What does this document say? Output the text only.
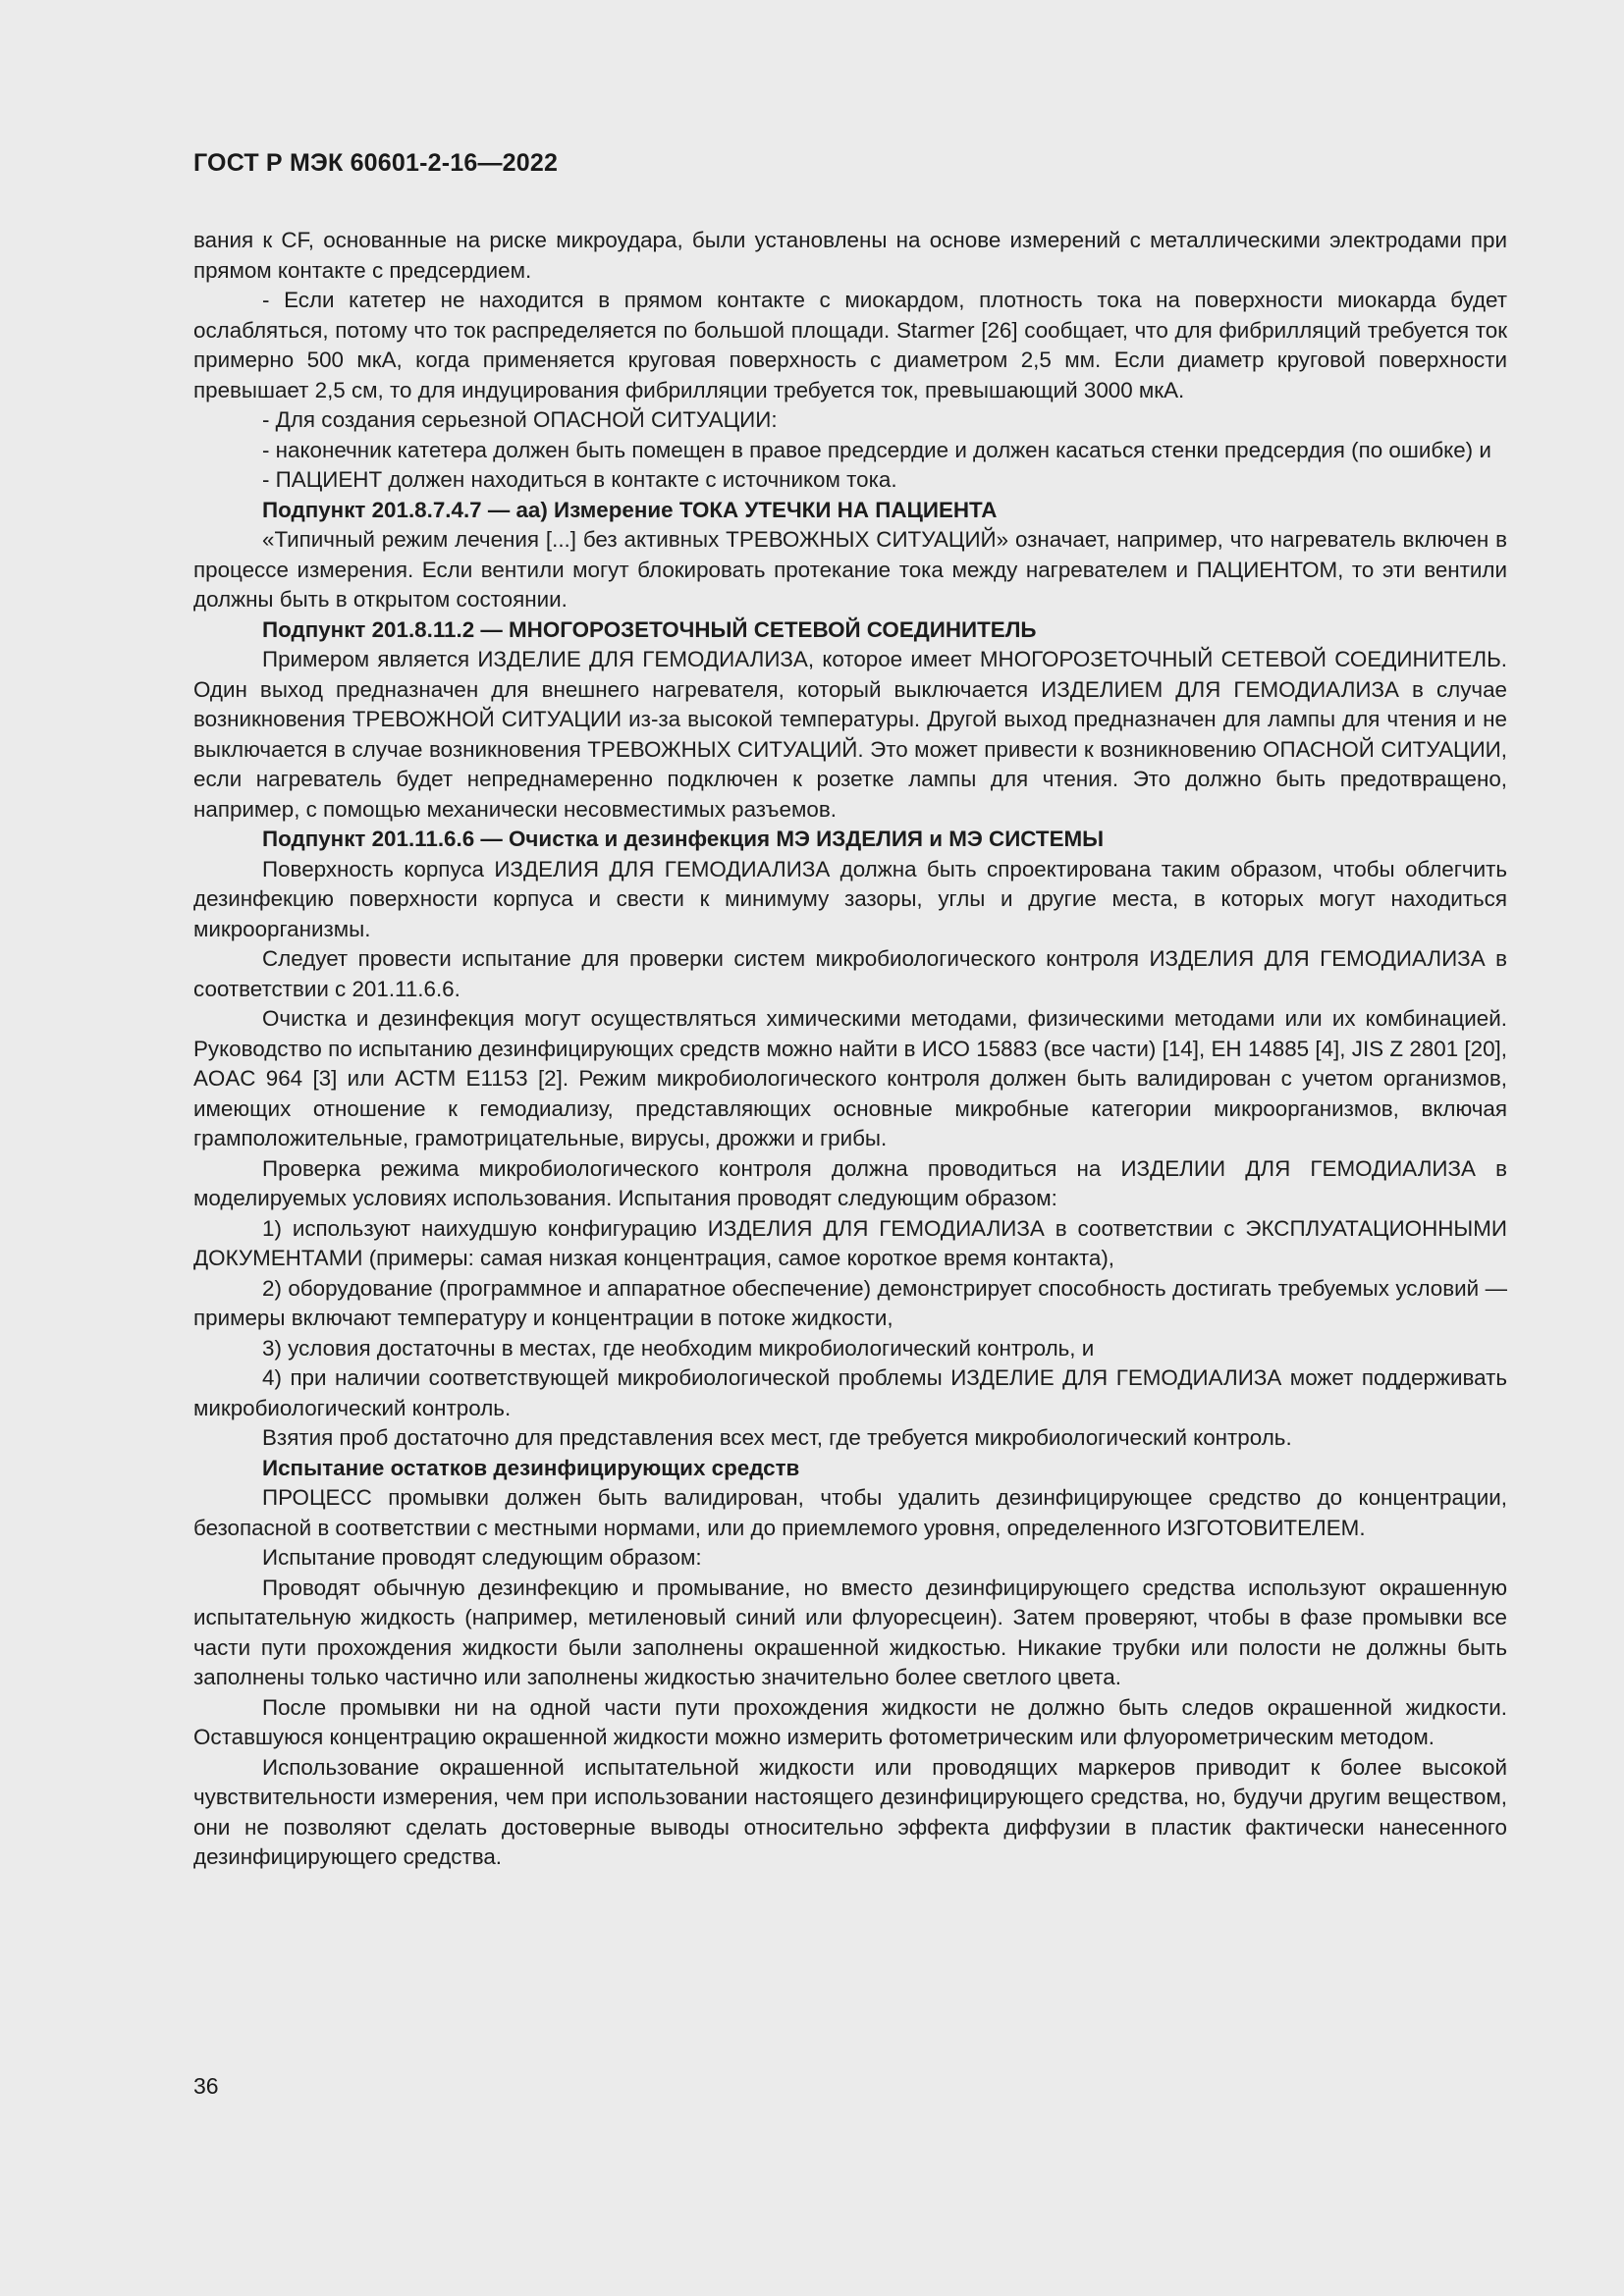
ГОСТ Р МЭК 60601-2-16—2022

вания к CF, основанные на риске микроудара, были установлены на основе измерений с металлическими электродами при прямом контакте с предсердием.

- Если катетер не находится в прямом контакте с миокардом, плотность тока на поверхности миокарда будет ослабляться, потому что ток распределяется по большой площади. Starmer [26] сообщает, что для фибрилляций требуется ток примерно 500 мкА, когда применяется круговая поверхность с диаметром 2,5 мм. Если диаметр круговой поверхности превышает 2,5 см, то для индуцирования фибрилляции требуется ток, превышающий 3000 мкА.

- Для создания серьезной ОПАСНОЙ СИТУАЦИИ:

- наконечник катетера должен быть помещен в правое предсердие и должен касаться стенки предсердия (по ошибке) и

- ПАЦИЕНТ должен находиться в контакте с источником тока.

Подпункт 201.8.7.4.7 — аа) Измерение ТОКА УТЕЧКИ НА ПАЦИЕНТА

«Типичный режим лечения [...] без активных ТРЕВОЖНЫХ СИТУАЦИЙ» означает, например, что нагреватель включен в процессе измерения. Если вентили могут блокировать протекание тока между нагревателем и ПАЦИЕНТОМ, то эти вентили должны быть в открытом состоянии.

Подпункт 201.8.11.2 — МНОГОРОЗЕТОЧНЫЙ СЕТЕВОЙ СОЕДИНИТЕЛЬ

Примером является ИЗДЕЛИЕ ДЛЯ ГЕМОДИАЛИЗА, которое имеет МНОГОРОЗЕТОЧНЫЙ СЕТЕВОЙ СОЕДИНИТЕЛЬ. Один выход предназначен для внешнего нагревателя, который выключается ИЗДЕЛИЕМ ДЛЯ ГЕМОДИАЛИЗА в случае возникновения ТРЕВОЖНОЙ СИТУАЦИИ из-за высокой температуры. Другой выход предназначен для лампы для чтения и не выключается в случае возникновения ТРЕВОЖНЫХ СИТУАЦИЙ. Это может привести к возникновению ОПАСНОЙ СИТУАЦИИ, если нагреватель будет непреднамеренно подключен к розетке лампы для чтения. Это должно быть предотвращено, например, с помощью механически несовместимых разъемов.

Подпункт 201.11.6.6 — Очистка и дезинфекция МЭ ИЗДЕЛИЯ и МЭ СИСТЕМЫ

Поверхность корпуса ИЗДЕЛИЯ ДЛЯ ГЕМОДИАЛИЗА должна быть спроектирована таким образом, чтобы облегчить дезинфекцию поверхности корпуса и свести к минимуму зазоры, углы и другие места, в которых могут находиться микроорганизмы.

Следует провести испытание для проверки систем микробиологического контроля ИЗДЕЛИЯ ДЛЯ ГЕМОДИАЛИЗА в соответствии с 201.11.6.6.

Очистка и дезинфекция могут осуществляться химическими методами, физическими методами или их комбинацией. Руководство по испытанию дезинфицирующих средств можно найти в ИСО 15883 (все части) [14], ЕН 14885 [4], JIS Z 2801 [20], AOAC 964 [3] или АСТМ Е1153 [2]. Режим микробиологического контроля должен быть валидирован с учетом организмов, имеющих отношение к гемодиализу, представляющих основные микробные категории микроорганизмов, включая грамположительные, грамотрицательные, вирусы, дрожжи и грибы.

Проверка режима микробиологического контроля должна проводиться на ИЗДЕЛИИ ДЛЯ ГЕМОДИАЛИЗА в моделируемых условиях использования. Испытания проводят следующим образом:

1) используют наихудшую конфигурацию ИЗДЕЛИЯ ДЛЯ ГЕМОДИАЛИЗА в соответствии с ЭКСПЛУАТАЦИОННЫМИ ДОКУМЕНТАМИ (примеры: самая низкая концентрация, самое короткое время контакта),

2) оборудование (программное и аппаратное обеспечение) демонстрирует способность достигать требуемых условий — примеры включают температуру и концентрации в потоке жидкости,

3) условия достаточны в местах, где необходим микробиологический контроль, и

4) при наличии соответствующей микробиологической проблемы ИЗДЕЛИЕ ДЛЯ ГЕМОДИАЛИЗА может поддерживать микробиологический контроль.

Взятия проб достаточно для представления всех мест, где требуется микробиологический контроль.

Испытание остатков дезинфицирующих средств

ПРОЦЕСС промывки должен быть валидирован, чтобы удалить дезинфицирующее средство до концентрации, безопасной в соответствии с местными нормами, или до приемлемого уровня, определенного ИЗГОТОВИТЕЛЕМ.

Испытание проводят следующим образом:

Проводят обычную дезинфекцию и промывание, но вместо дезинфицирующего средства используют окрашенную испытательную жидкость (например, метиленовый синий или флуоресцеин). Затем проверяют, чтобы в фазе промывки все части пути прохождения жидкости были заполнены окрашенной жидкостью. Никакие трубки или полости не должны быть заполнены только частично или заполнены жидкостью значительно более светлого цвета.

После промывки ни на одной части пути прохождения жидкости не должно быть следов окрашенной жидкости. Оставшуюся концентрацию окрашенной жидкости можно измерить фотометрическим или флуорометрическим методом.

Использование окрашенной испытательной жидкости или проводящих маркеров приводит к более высокой чувствительности измерения, чем при использовании настоящего дезинфицирующего средства, но, будучи другим веществом, они не позволяют сделать достоверные выводы относительно эффекта диффузии в пластик фактически нанесенного дезинфицирующего средства.

36
